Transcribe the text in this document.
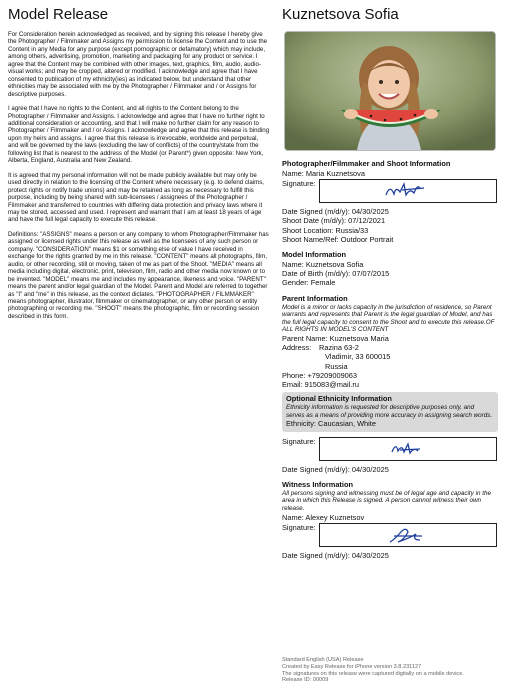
Model Release

For Consideration herein acknowledged as received, and by signing this release I hereby give the Photographer / Filmmaker and Assigns my permission to license the Content and to use the Content in any Media for any purpose (except pornographic or defamatory) which may include, among others, advertising, promotion, marketing and packaging for any product or service. I agree that the Content may be combined with other images, text, graphics, film, audio, audio-visual works; and may be cropped, altered or modified. I acknowledge and agree that I have consented to publication of my ethnicity(ies) as indicated below, but understand that other ethnicities may be associated with me by the Photographer / Filmmaker and / or Assigns for descriptive purposes.

I agree that I have no rights to the Content, and all rights to the Content belong to the Photographer / Filmmaker and Assigns. I acknowledge and agree that I have no further right to additional consideration or accounting, and that I will make no further claim for any reason to Photographer / Filmmaker and / or Assigns. I acknowledge and agree that this release is binding upon my heirs and assigns. I agree that this release is irrevocable, worldwide and perpetual, and will be governed by the laws (excluding the law of conflicts) of the country/state from the following list that is nearest to the address of the Model (or Parent*) given opposite: New York, Alberta, England, Australia and New Zealand.

It is agreed that my personal information will not be made publicly available but may only be used directly in relation to the licensing of the Content where necessary (e.g. to defend claims, protect rights or notify trade unions) and may be retained as long as necessary to fulfill this purpose, including by being shared with sub-licensees / assignees of the Photographer / Filmmaker and transferred to countries with differing data protection and privacy laws where it may be stored, accessed and used. I represent and warrant that I am at least 18 years of age and have the full legal capacity to execute this release.

Definitions: "ASSIGNS" means a person or any company to whom Photographer/Filmmaker has assigned or licensed rights under this release as well as the licensees of any such person or company. "CONSIDERATION" means $1 or something else of value I have received in exchange for the rights granted by me in this release. "CONTENT" means all photographs, film, audio, or other recording, still or moving, taken of me as part of the Shoot. "MEDIA" means all media including digital, electronic, print, television, film, radio and other media now known or to be invented. "MODEL" means me and includes my appearance, likeness and voice. "PARENT" means the parent and/or legal guardian of the Model. Parent and Model are referred to together as "I" and "me" in this release, as the context dictates. "PHOTOGRAPHER / FILMMAKER" means photographer, illustrator, filmmaker or cinematographer, or any other person or entity photographing or recording me. "SHOOT" means the photographic, film or recording session described in this form.

Kuznetsova Sofia
Photographer/Filmmaker and Shoot Information
Name: Maria Kuznetsova
Signature:
Date Signed (m/d/y): 04/30/2025
Shoot Date (m/d/y): 07/12/2021
Shoot Location: Russia/33
Shoot Name/Ref: Outdoor Portrait
Model Information
Name: Kuznetsova Sofia
Date of Birth (m/d/y): 07/07/2015
Gender: Female
Parent Information
Model is a minor or lacks capacity in the jurisdiction of residence, so Parent warrants and represents that Parent is the legal guardian of Model, and has the full legal capacity to consent to the Shoot and to execute this release.OF ALL RIGHTS IN MODEL'S CONTENT
Parent Name: Kuznetsova Maria
Address:	Razina 63-2
Vladimir, 33 600015
Russia
Phone: +79209009063
Email: 915083@mail.ru
Optional Ethnicity Information
Ethnicity information is requested for descriptive purposes only, and serves as a means of providing more accuracy in assigning search words.
Ethnicity: Caucasian, White
Signature:
Date Signed (m/d/y): 04/30/2025
Witness Information
All persons signing and witnessing must be of legal age and capacity in the area in which this Release is signed. A person cannot witness their own release.
Name: Alexey Kuznetsov
Signature:
Date Signed (m/d/y): 04/30/2025
Standard English (USA) Release
Created by Easy Release for iPhone version 3.8.231127
The signatures on this release were captured digitally on a mobile device.
Release ID: 00009
